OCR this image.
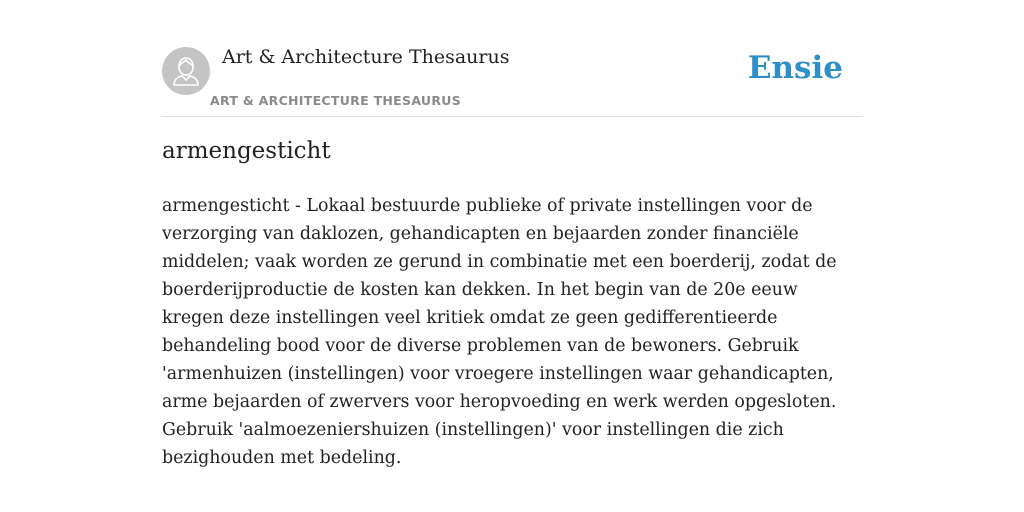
Art & Architecture Thesaurus
ART & ARCHITECTURE THESAURUS
Ensie
armengesticht

armengesticht - Lokaal bestuurde publieke of private instellingen voor de verzorging van daklozen, gehandicapten en bejaarden zonder financiële middelen; vaak worden ze gerund in combinatie met een boerderij, zodat de boerderijproductie de kosten kan dekken. In het begin van de 20e eeuw kregen deze instellingen veel kritiek omdat ze geen gedifferentieerde behandeling bood voor de diverse problemen van de bewoners. Gebruik 'armenhuizen (instellingen) voor vroegere instellingen waar gehandicapten, arme bejaarden of zwervers voor heropvoeding en werk werden opgesloten. Gebruik 'aalmoezeniershuizen (instellingen)' voor instellingen die zich bezighouden met bedeling.
